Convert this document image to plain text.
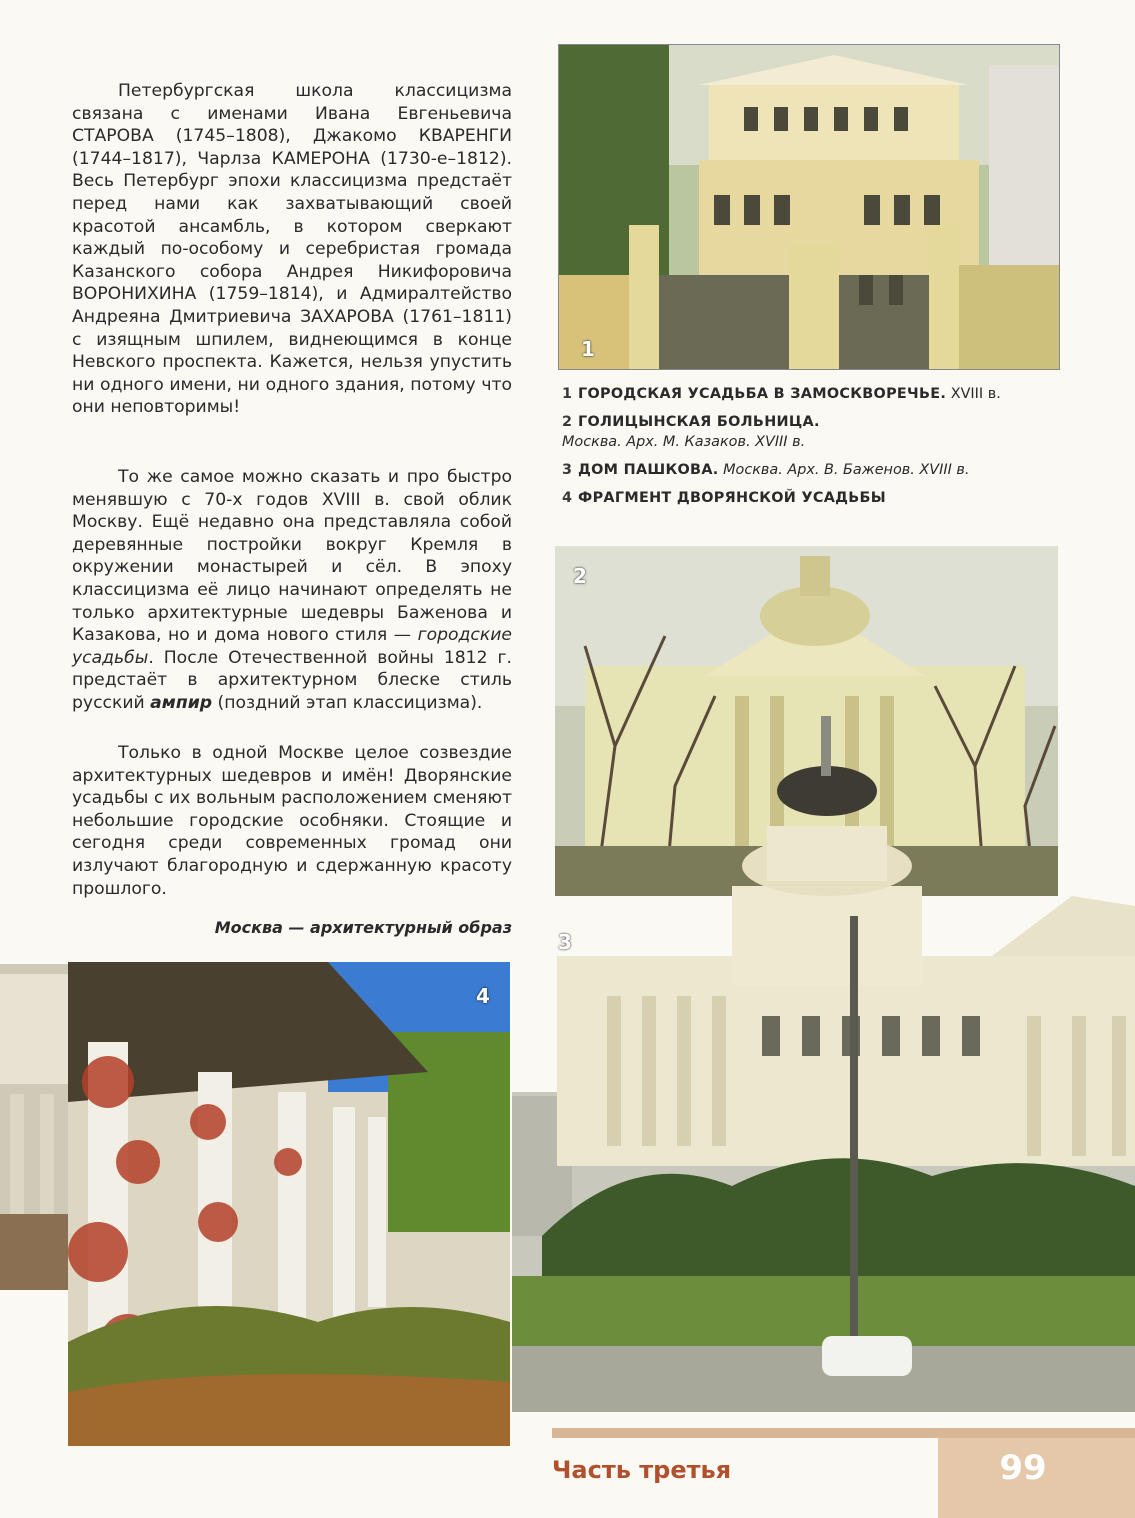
Петербургская школа классицизма связана с именами Ивана Евгеньевича СТАРОВА (1745–1808), Джакомо КВАРЕНГИ (1744–1817), Чарлза КАМЕРОНА (1730-е–1812). Весь Петербург эпохи классицизма предстаёт перед нами как захватывающий своей красотой ансамбль, в котором сверкают каждый по-особому и серебристая громада Казанского собора Андрея Никифоровича ВОРОНИХИНА (1759–1814), и Адмиралтейство Андреяна Дмитриевича ЗАХАРОВА (1761–1811) с изящным шпилем, виднеющимся в конце Невского проспекта. Кажется, нельзя упустить ни одного имени, ни одного здания, потому что они неповторимы!

То же самое можно сказать и про быстро менявшую с 70-х годов XVIII в. свой облик Москву. Ещё недавно она представляла собой деревянные постройки вокруг Кремля в окружении монастырей и сёл. В эпоху классицизма её лицо начинают определять не только архитектурные шедевры Баженова и Казакова, но и дома нового стиля — городские усадьбы. После Отечественной войны 1812 г. предстаёт в архитектурном блеске стиль русский ампир (поздний этап классицизма).

Только в одной Москве целое созвездие архитектурных шедевров и имён! Дворянские усадьбы с их вольным расположением сменяют небольшие городские особняки. Стоящие и сегодня среди современных громад они излучают благородную и сдержанную красоту прошлого.

Москва — архитектурный образ
1
1 ГОРОДСКАЯ УСАДЬБА В ЗАМОСКВОРЕЧЬЕ. XVIII в.
2 ГОЛИЦЫНСКАЯ БОЛЬНИЦА.
Москва. Арх. М. Казаков. XVIII в.
3 ДОМ ПАШКОВА. Москва. Арх. В. Баженов. XVIII в.
4 ФРАГМЕНТ ДВОРЯНСКОЙ УСАДЬБЫ
2
3
4
Часть третья	99
